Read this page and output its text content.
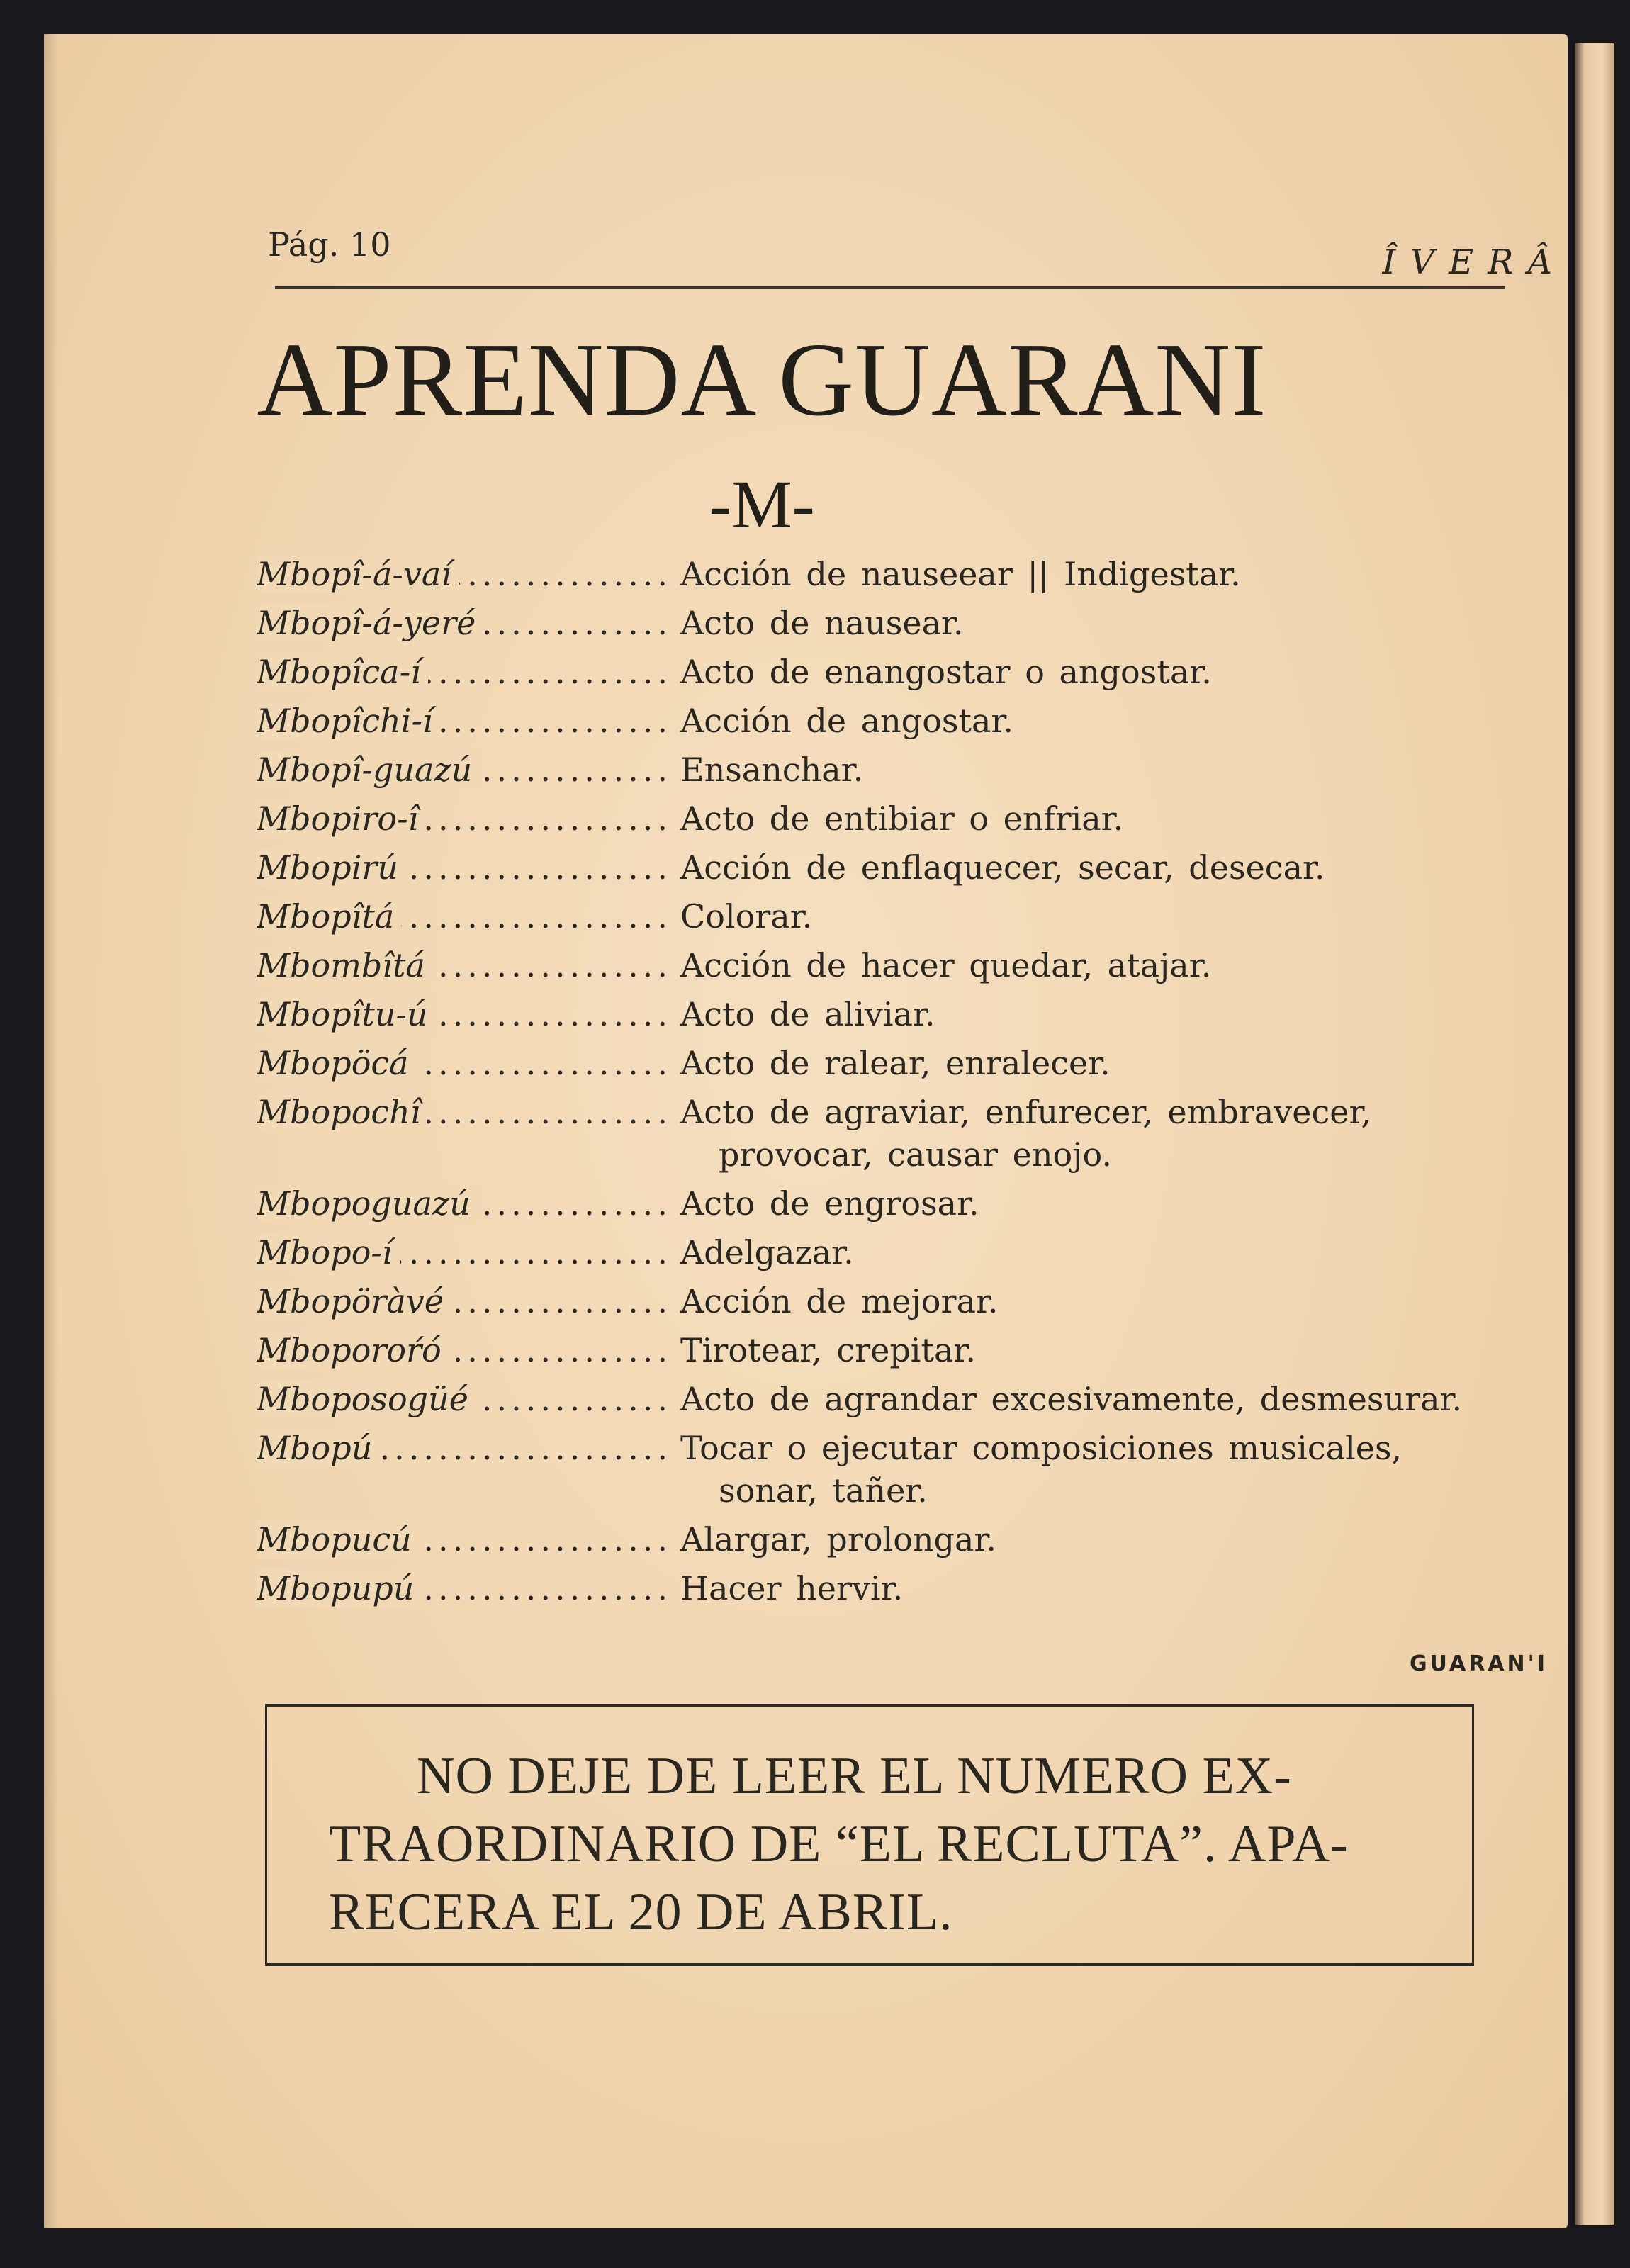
Pág. 10	ÎVERÂ
APRENDA GUARANI
-M-
Mbopî-á-vaí .....	Acción de nauseear || Indigestar.
Mbopî-á-yeré .....	Acto de nausear.
Mbopîca-í .....	Acto de enangostar o angostar.
Mbopîchi-í .....	Acción de angostar.
Mbopî-guazú .....	Ensanchar.
Mbopiro-î .....	Acto de entibiar o enfriar.
Mbopirú .....	Acción de enflaquecer, secar, desecar.
Mbopîtá .....	Colorar.
Mbombîtá .....	Acción de hacer quedar, atajar.
Mbopîtu-ú .....	Acto de aliviar.
Mbopöcá .....	Acto de ralear, enralecer.
Mbopochî .....	Acto de agraviar, enfurecer, embravecer,
provocar, causar enojo.
Mbopoguazú .....	Acto de engrosar.
Mbopo-í .....	Adelgazar.
Mbopöràvé .....	Acción de mejorar.
Mboporoŕó .....	Tirotear, crepitar.
Mboposogüé .....	Acto de agrandar excesivamente, desmesurar.
Mbopú .....	Tocar o ejecutar composiciones musicales,
sonar, tañer.
Mbopucú .....	Alargar, prolongar.
Mbopupú .....	Hacer hervir.
GUARAN'I
NO DEJE DE LEER EL NUMERO EX-
TRAORDINARIO DE “EL RECLUTA”. APA-
RECERA EL 20 DE ABRIL.
